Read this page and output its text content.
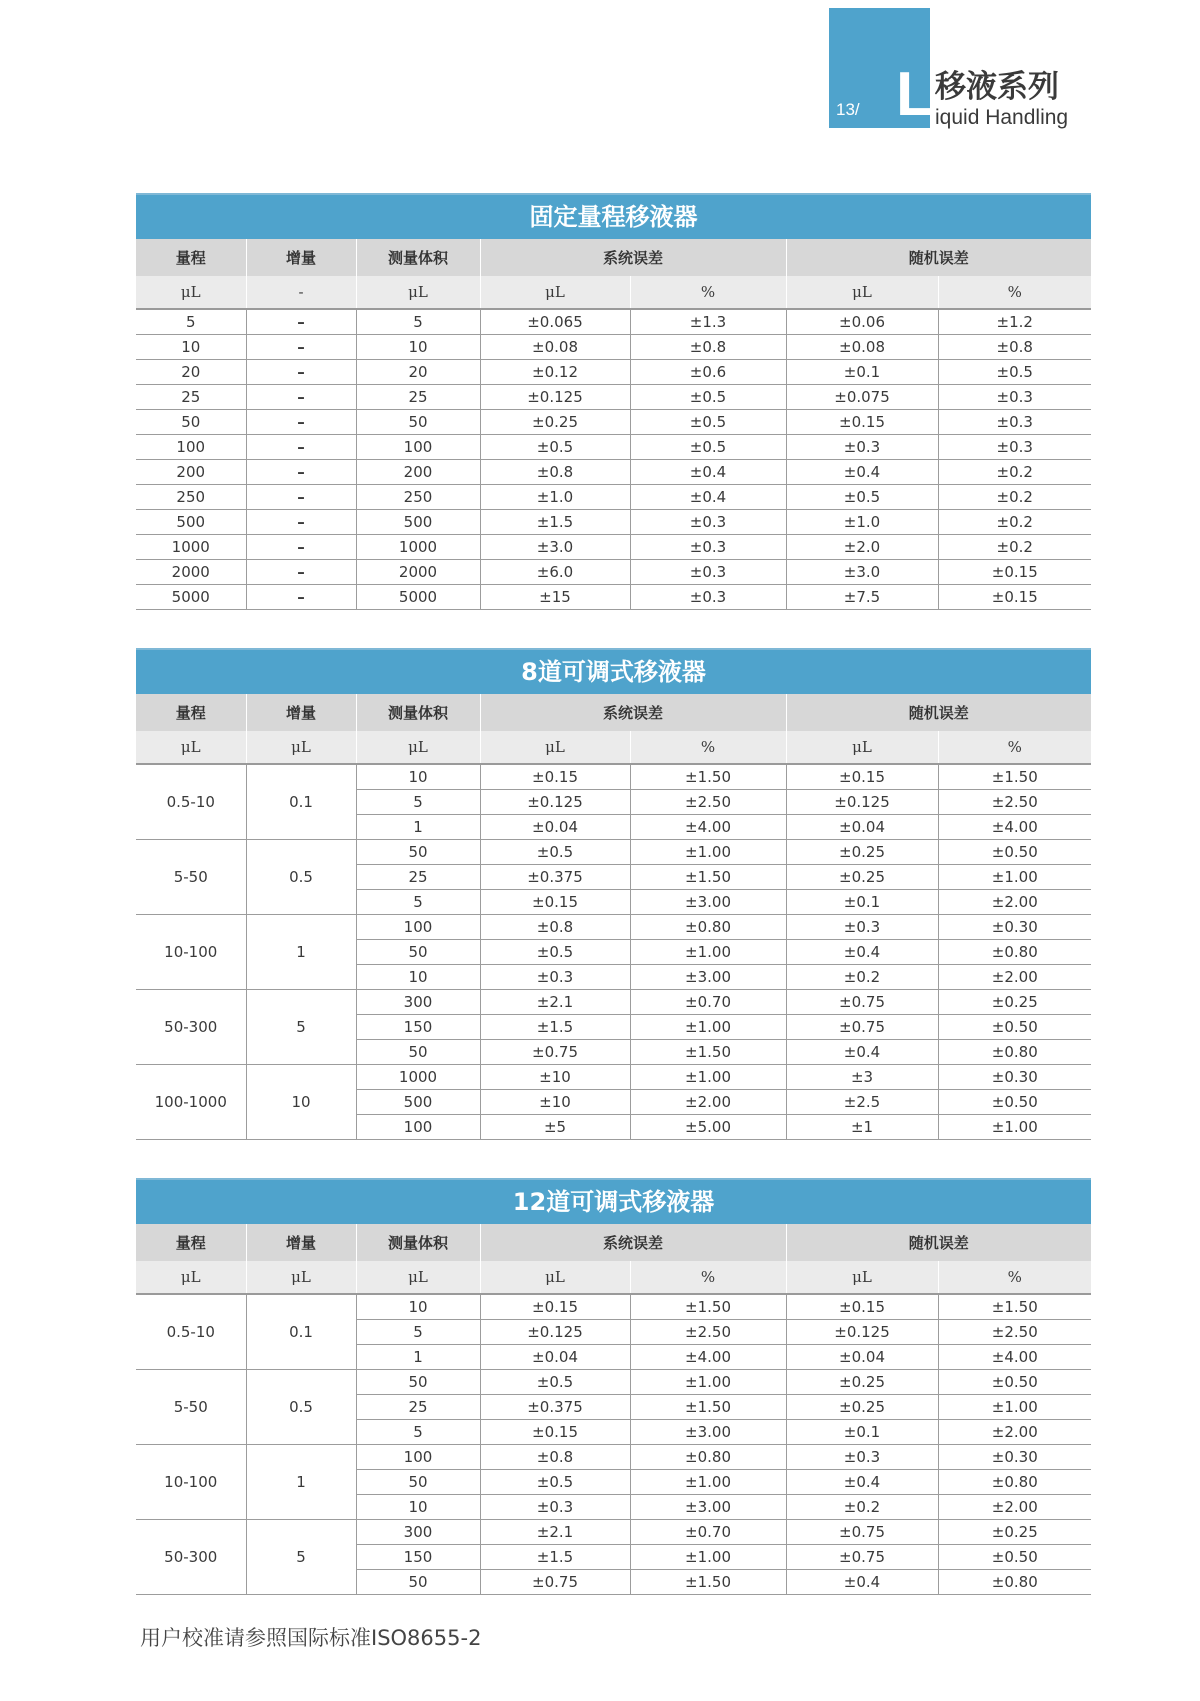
13/ L 移液系列
iquid Handling
固定量程移液器
量程	增量	测量体积	系统误差		随机误差	
μL	-	μL	μL	%	μL	%
5	–	5	±0.065	±1.3	±0.06	±1.2
10	–	10	±0.08	±0.8	±0.08	±0.8
20	–	20	±0.12	±0.6	±0.1	±0.5
25	–	25	±0.125	±0.5	±0.075	±0.3
50	–	50	±0.25	±0.5	±0.15	±0.3
100	–	100	±0.5	±0.5	±0.3	±0.3
200	–	200	±0.8	±0.4	±0.4	±0.2
250	–	250	±1.0	±0.4	±0.5	±0.2
500	–	500	±1.5	±0.3	±1.0	±0.2
1000	–	1000	±3.0	±0.3	±2.0	±0.2
2000	–	2000	±6.0	±0.3	±3.0	±0.15
5000	–	5000	±15	±0.3	±7.5	±0.15
8道可调式移液器
量程	增量	测量体积	系统误差		随机误差	
μL	μL	μL	μL	%	μL	%
0.5-10	0.1	10	±0.15	±1.50	±0.15	±1.50
		5	±0.125	±2.50	±0.125	±2.50
		1	±0.04	±4.00	±0.04	±4.00
5-50	0.5	50	±0.5	±1.00	±0.25	±0.50
		25	±0.375	±1.50	±0.25	±1.00
		5	±0.15	±3.00	±0.1	±2.00
10-100	1	100	±0.8	±0.80	±0.3	±0.30
		50	±0.5	±1.00	±0.4	±0.80
		10	±0.3	±3.00	±0.2	±2.00
50-300	5	300	±2.1	±0.70	±0.75	±0.25
		150	±1.5	±1.00	±0.75	±0.50
		50	±0.75	±1.50	±0.4	±0.80
100-1000	10	1000	±10	±1.00	±3	±0.30
		500	±10	±2.00	±2.5	±0.50
		100	±5	±5.00	±1	±1.00
12道可调式移液器
量程	增量	测量体积	系统误差		随机误差	
μL	μL	μL	μL	%	μL	%
0.5-10	0.1	10	±0.15	±1.50	±0.15	±1.50
		5	±0.125	±2.50	±0.125	±2.50
		1	±0.04	±4.00	±0.04	±4.00
5-50	0.5	50	±0.5	±1.00	±0.25	±0.50
		25	±0.375	±1.50	±0.25	±1.00
		5	±0.15	±3.00	±0.1	±2.00
10-100	1	100	±0.8	±0.80	±0.3	±0.30
		50	±0.5	±1.00	±0.4	±0.80
		10	±0.3	±3.00	±0.2	±2.00
50-300	5	300	±2.1	±0.70	±0.75	±0.25
		150	±1.5	±1.00	±0.75	±0.50
		50	±0.75	±1.50	±0.4	±0.80
用户校准请参照国际标准ISO8655-2
